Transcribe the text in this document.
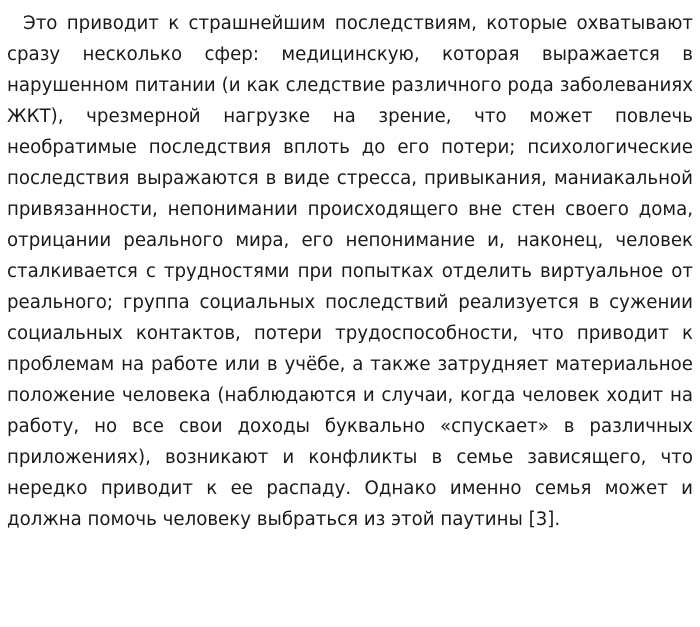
Это приводит к страшнейшим последствиям, которые охватывают сразу несколько сфер: медицинскую, которая выражается в нарушенном питании (и как следствие различного рода заболеваниях ЖКТ), чрезмерной нагрузке на зрение, что может повлечь необратимые последствия вплоть до его потери; психологические последствия выражаются в виде стресса, привыкания, маниакальной привязанности, непонимании происходящего вне стен своего дома, отрицании реального мира, его непонимание и, наконец, человек сталкивается с трудностями при попытках отделить виртуальное от реального; группа социальных последствий реализуется в сужении социальных контактов, потери трудоспособности, что приводит к проблемам на работе или в учёбе, а также затрудняет материальное положение человека (наблюдаются и случаи, когда человек ходит на работу, но все свои доходы буквально «спускает» в различных приложениях), возникают и конфликты в семье зависящего, что нередко приводит к ее распаду. Однако именно семья может и должна помочь человеку выбраться из этой паутины [3].
